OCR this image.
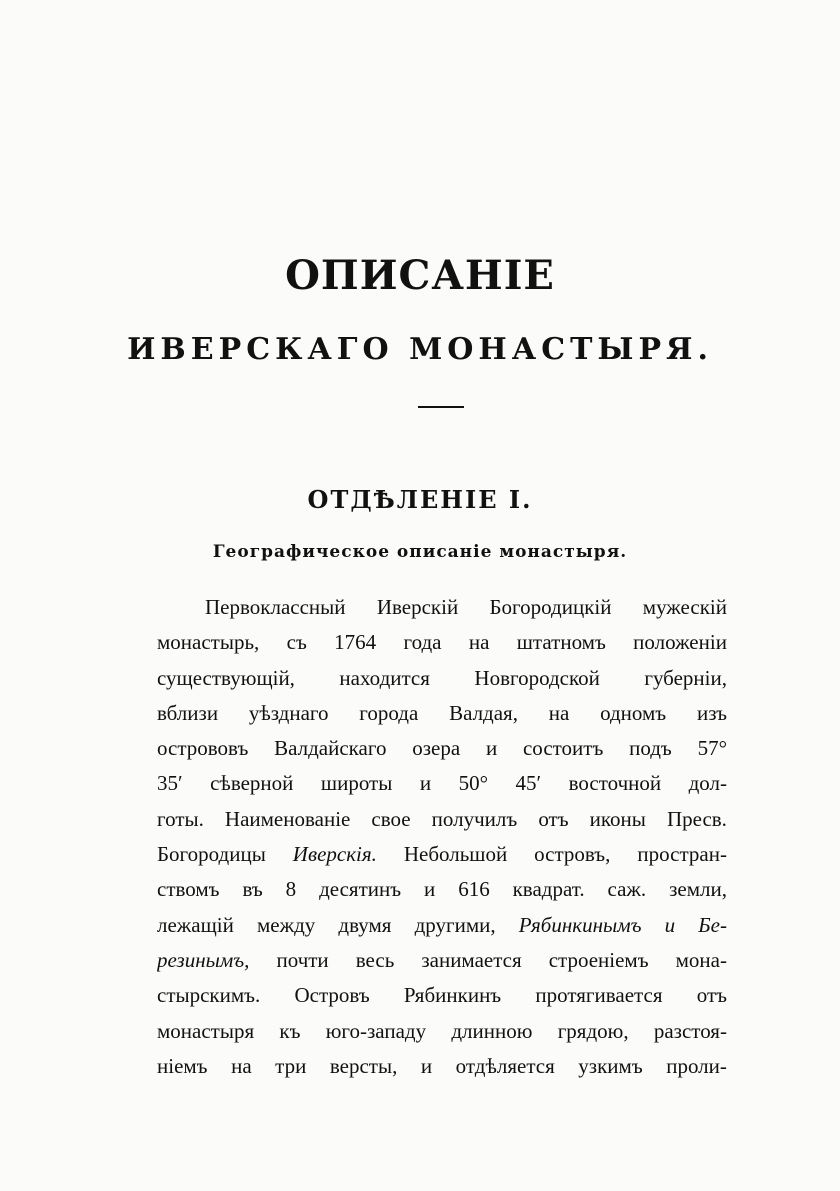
ОПИСАНІЕ
ИВЕРСКАГО МОНАСТЫРЯ.
ОТДѢЛЕНІЕ I.
Географическое описаніе монастыря.
Первоклассный Иверскій Богородицкій мужескій
монастырь, съ 1764 года на штатномъ положеніи
существующій, находится Новгородской губерніи,
вблизи уѣзднаго города Валдая, на одномъ изъ
острововъ Валдайскаго озера и состоитъ подъ 57°
35′ сѣверной широты и 50° 45′ восточной дол-
готы. Наименованіе свое получилъ отъ иконы Пресв.
Богородицы Иверскія. Небольшой островъ, простран-
ствомъ въ 8 десятинъ и 616 квадрат. саж. земли,
лежащій между двумя другими, Рябинкинымъ и Бе-
резинымъ, почти весь занимается строеніемъ мона-
стырскимъ. Островъ Рябинкинъ протягивается отъ
монастыря къ юго-западу длинною грядою, разстоя-
ніемъ на три версты, и отдѣляется узкимъ проли-
